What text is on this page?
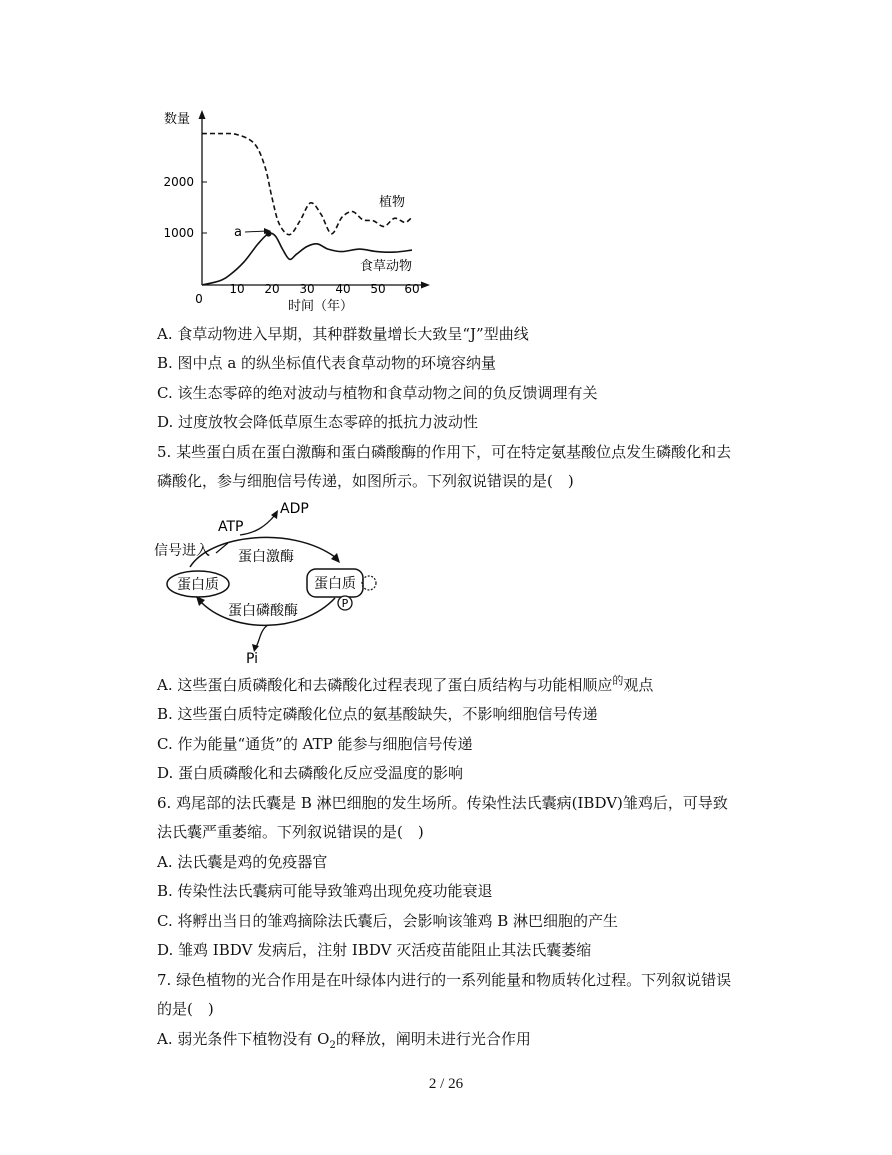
数量
时间（年）
0
10 20 30 40 50 60
1000
2000
a
植物
食草动物
A. 食草动物进入早期，其种群数量增长大致呈“J”型曲线
B. 图中点 a 的纵坐标值代表食草动物的环境容纳量
C. 该生态零碎的绝对波动与植物和食草动物之间的负反馈调理有关
D. 过度放牧会降低草原生态零碎的抵抗力波动性
5. 某些蛋白质在蛋白激酶和蛋白磷酸酶的作用下，可在特定氨基酸位点发生磷酸化和去
磷酸化，参与细胞信号传递，如图所示。下列叙说错误的是(　)
ATP
ADP
信号进入 蛋白激酶
蛋白质	蛋白质
P
蛋白磷酸酶
Pi
A. 这些蛋白质磷酸化和去磷酸化过程表现了蛋白质结构与功能相顺应$^的$观点
B. 这些蛋白质特定磷酸化位点的氨基酸缺失，不影响细胞信号传递
C. 作为能量“通货”的 ATP 能参与细胞信号传递
D. 蛋白质磷酸化和去磷酸化反应受温度的影响
6. 鸡尾部的法氏囊是 B 淋巴细胞的发生场所。传染性法氏囊病(IBDV)雏鸡后，可导致
法氏囊严重萎缩。下列叙说错误的是(　)
A. 法氏囊是鸡的免疫器官
B. 传染性法氏囊病可能导致雏鸡出现免疫功能衰退
C. 将孵出当日的雏鸡摘除法氏囊后，会影响该雏鸡 B 淋巴细胞的产生
D. 雏鸡 IBDV 发病后，注射 IBDV 灭活疫苗能阻止其法氏囊萎缩
7. 绿色植物的光合作用是在叶绿体内进行的一系列能量和物质转化过程。下列叙说错误
的是(　)
A. 弱光条件下植物没有 $O_2$的释放，阐明未进行光合作用
2 / 26
